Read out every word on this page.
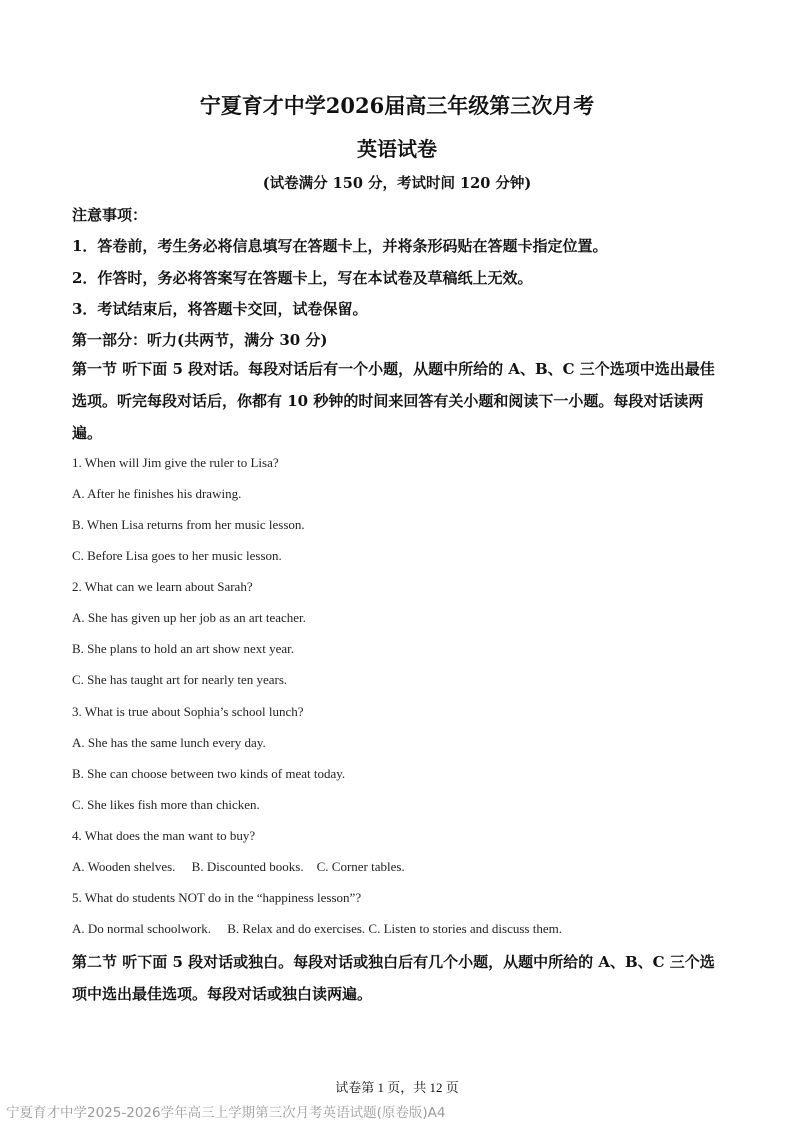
宁夏育才中学2026届高三年级第三次月考
英语试卷
(试卷满分 150 分，考试时间 120 分钟)
注意事项：
1．答卷前，考生务必将信息填写在答题卡上，并将条形码贴在答题卡指定位置。
2．作答时，务必将答案写在答题卡上，写在本试卷及草稿纸上无效。
3．考试结束后，将答题卡交回，试卷保留。
第一部分：听力(共两节，满分 30 分)
第一节 听下面 5 段对话。每段对话后有一个小题，从题中所给的 A、B、C 三个选项中选出最佳选项。听完每段对话后，你都有 10 秒钟的时间来回答有关小题和阅读下一小题。每段对话读两遍。
1. When will Jim give the ruler to Lisa?
A. After he finishes his drawing.
B. When Lisa returns from her music lesson.
C. Before Lisa goes to her music lesson.
2. What can we learn about Sarah?
A. She has given up her job as an art teacher.
B. She plans to hold an art show next year.
C. She has taught art for nearly ten years.
3. What is true about Sophia’s school lunch?
A. She has the same lunch every day.
B. She can choose between two kinds of meat today.
C. She likes fish more than chicken.
4. What does the man want to buy?
A. Wooden shelves.     B. Discounted books.    C. Corner tables.
5. What do students NOT do in the “happiness lesson”?
A. Do normal schoolwork.     B. Relax and do exercises. C. Listen to stories and discuss them.
第二节 听下面 5 段对话或独白。每段对话或独白后有几个小题，从题中所给的 A、B、C 三个选项中选出最佳选项。每段对话或独白读两遍。
试卷第 1 页，共 12 页
宁夏育才中学2025-2026学年高三上学期第三次月考英语试题(原卷版)A4
